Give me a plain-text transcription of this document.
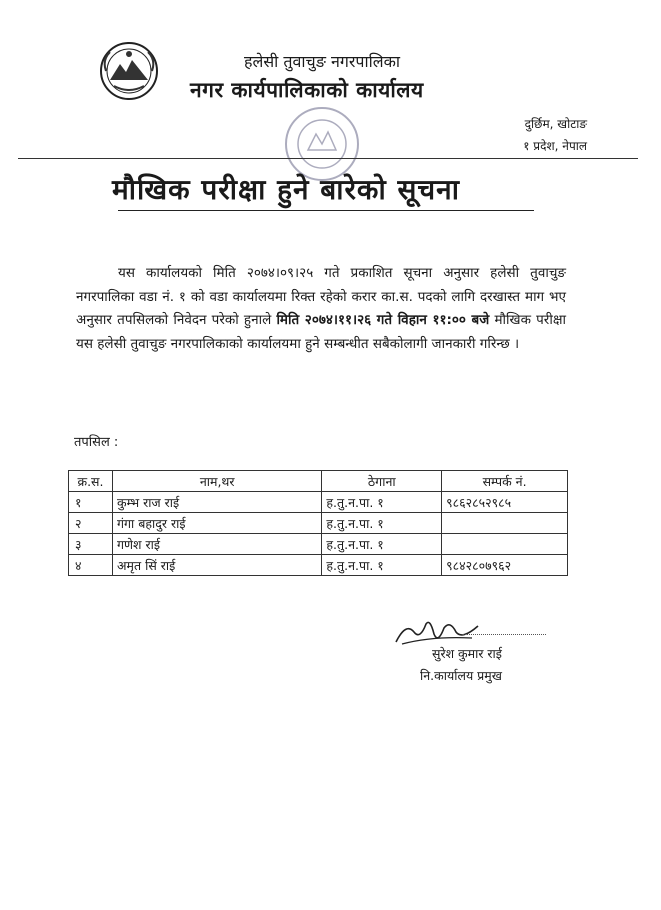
हलेसी तुवाचुङ नगरपालिका
नगर कार्यपालिकाको कार्यालय
दुर्छिम, खोटाङ
१ प्रदेश, नेपाल
मौखिक परीक्षा हुने बारेको सूचना
यस कार्यालयको मिति २०७४।०९।२५ गते प्रकाशित सूचना अनुसार हलेसी तुवाचुङ नगरपालिका वडा नं. १ को वडा कार्यालयमा रिक्त रहेको करार का.स. पदको लागि दरखास्त माग भए अनुसार तपसिलको निवेदन परेको हुनाले मिति २०७४।११।२६ गते विहान ११:०० बजे मौखिक परीक्षा यस हलेसी तुवाचुङ नगरपालिकाको कार्यालयमा हुने सम्बन्धीत सबैकोलागी जानकारी गरिन्छ ।
तपसिल :
क्र.स.	नाम,थर	ठेगाना	सम्पर्क नं.
१	कुम्भ राज राई	ह.तु.न.पा. १	९८६२८५२९८५
२	गंगा बहादुर राई	ह.तु.न.पा. १	
३	गणेश राई	ह.तु.न.पा. १	
४	अमृत सिं राई	ह.तु.न.पा. १	९८४२८०७९६२
सुरेश कुमार राई
नि.कार्यालय प्रमुख
